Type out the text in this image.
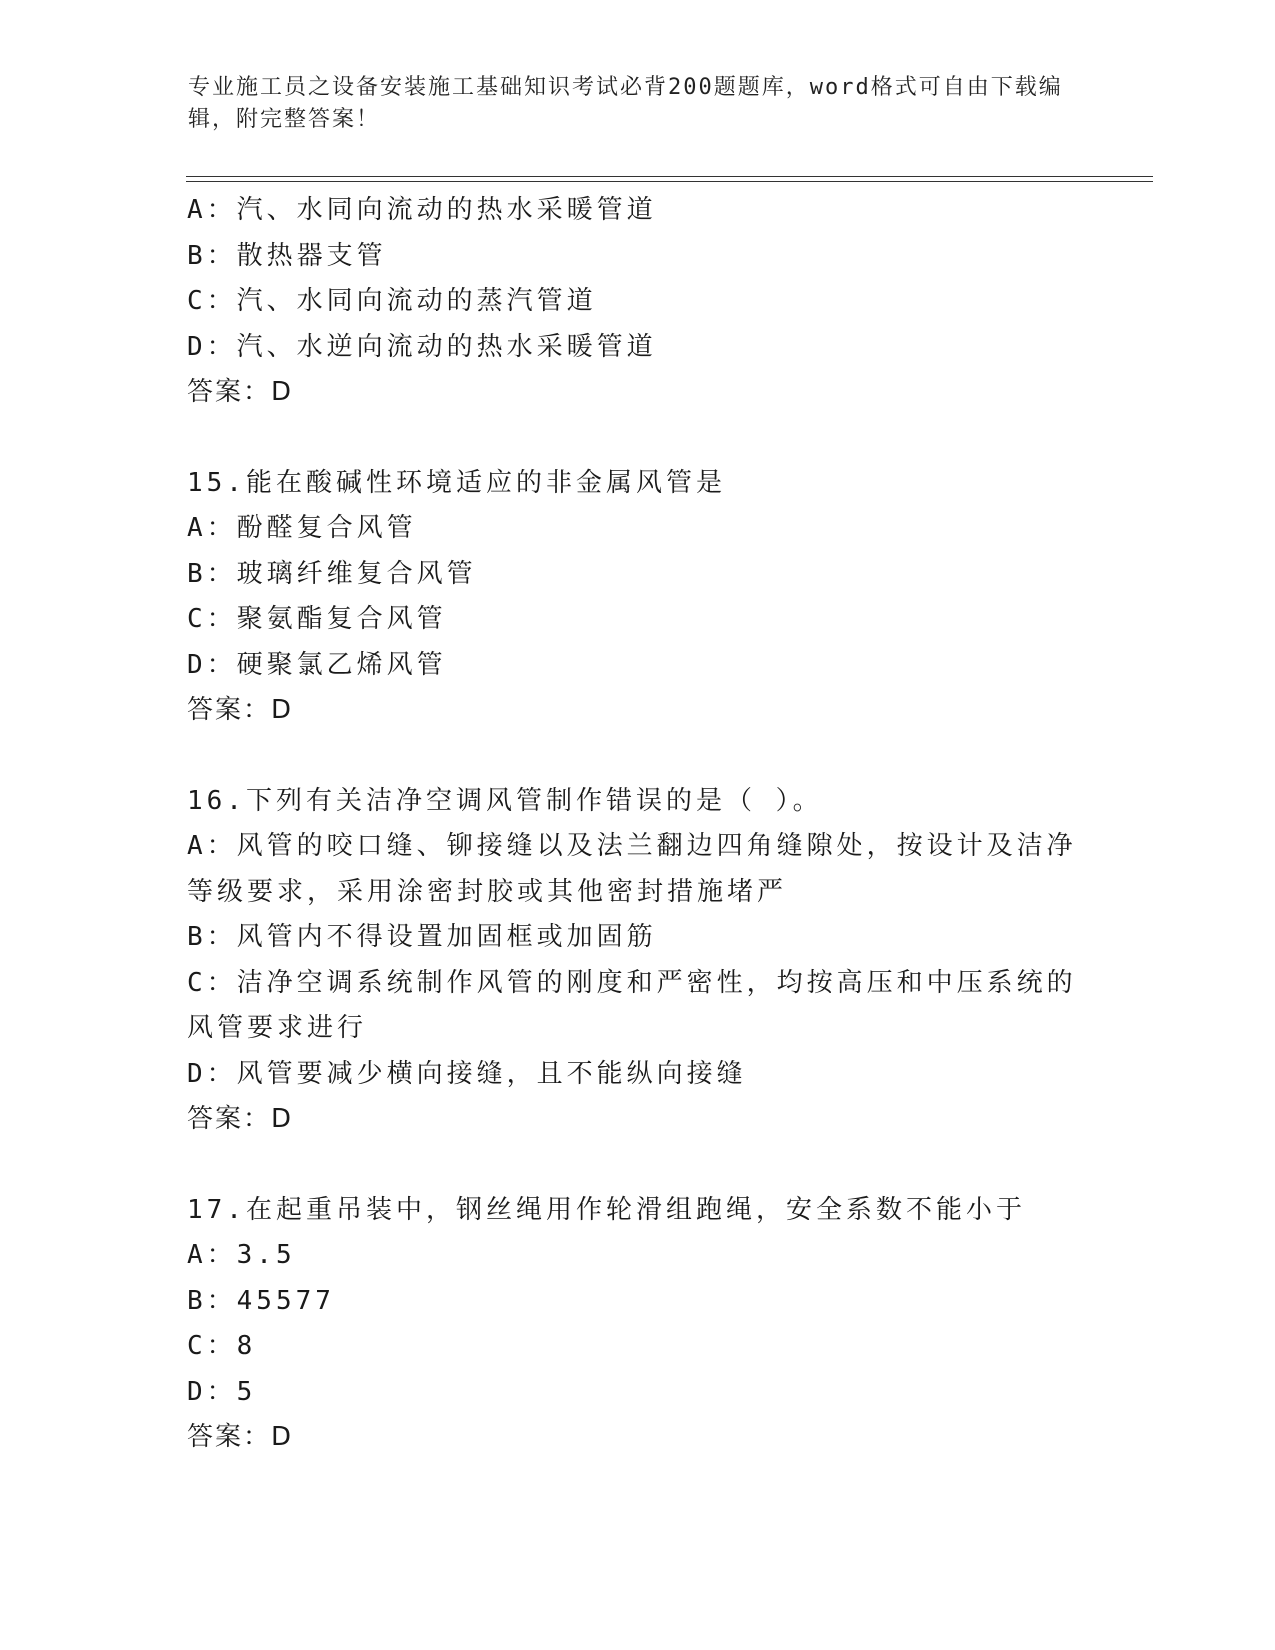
专业施工员之设备安装施工基础知识考试必背200题题库，word格式可自由下载编辑，附完整答案！
A：汽、水同向流动的热水采暖管道
B：散热器支管
C：汽、水同向流动的蒸汽管道
D：汽、水逆向流动的热水采暖管道
答案：D
15.能在酸碱性环境适应的非金属风管是
A：酚醛复合风管
B：玻璃纤维复合风管
C：聚氨酯复合风管
D：硬聚氯乙烯风管
答案：D
16.下列有关洁净空调风管制作错误的是（ ）。
A：风管的咬口缝、铆接缝以及法兰翻边四角缝隙处，按设计及洁净等级要求，采用涂密封胶或其他密封措施堵严
B：风管内不得设置加固框或加固筋
C：洁净空调系统制作风管的刚度和严密性，均按高压和中压系统的风管要求进行
D：风管要减少横向接缝，且不能纵向接缝
答案：D
17.在起重吊装中，钢丝绳用作轮滑组跑绳，安全系数不能小于
A：3.5
B：45577
C：8
D：5
答案：D
